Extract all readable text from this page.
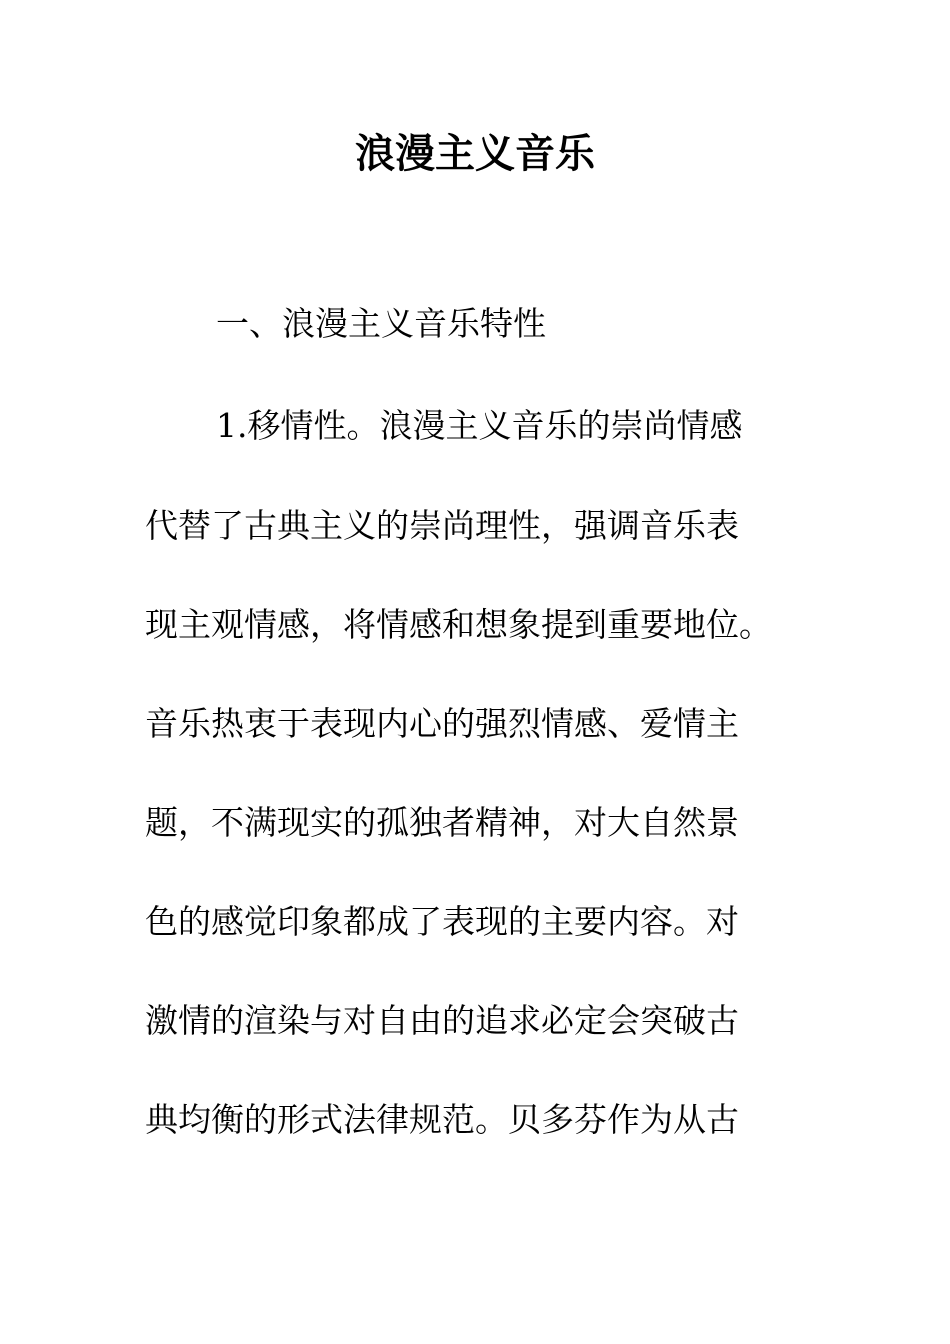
浪漫主义音乐

一、浪漫主义音乐特性

1.移情性。浪漫主义音乐的崇尚情感

代替了古典主义的崇尚理性，强调音乐表

现主观情感，将情感和想象提到重要地位。

音乐热衷于表现内心的强烈情感、爱情主

题，不满现实的孤独者精神，对大自然景

色的感觉印象都成了表现的主要内容。对

激情的渲染与对自由的追求必定会突破古

典均衡的形式法律规范。贝多芬作为从古
